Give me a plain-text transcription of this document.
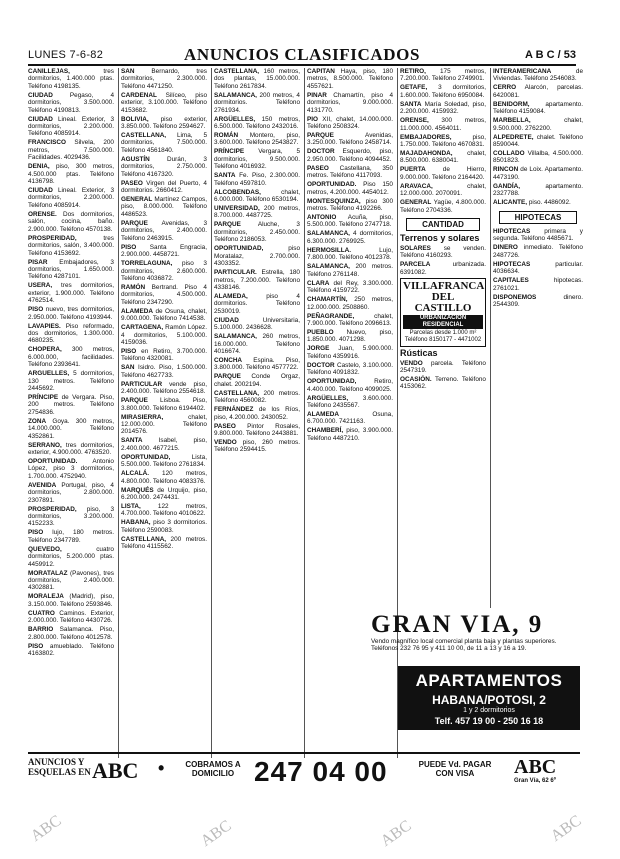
LUNES 7-6-82	ANUNCIOS CLASIFICADOS	A B C / 53

CANILLEJAS, tres dormitorios, 1.400.000 ptas. Teléfono 4198135.

CIUDAD Pegaso, 4 dormitorios, 3.500.000. Teléfono 4190813.

CIUDAD Lineal. Exterior, 3 dormitorios, 2.200.000. Teléfono 4085914.

FRANCISCO Silvela, 200 metros, 7.500.000. Facilidades. 4029436.

DENIA, piso, 300 metros, 4.500.000 ptas. Teléfono 4136798.

CIUDAD Lineal. Exterior, 3 dormitorios, 2.200.000. Teléfono 4085914.

ORENSE. Dos dormitorios, salón, cocina, baño. 2.900.000. Teléfono 4570138.

PROSPERIDAD, tres dormitorios, salón, 3.400.000. Teléfono 4153692.

PISAR Embajadores, 3 dormitorios, 1.650.000. Teléfono 4287101.

USERA, tres dormitorios, exterior, 1.900.000. Teléfono 4762514.

PISO nuevo, tres dormitorios, 2.950.000. Teléfono 4193944.

LAVAPIES. Piso reformado, dos dormitorios, 1.300.000. 4680235.

CHOPERA, 300 metros, 6.000.000, facilidades. Teléfono 2393641.

ARGUELLES, 5 dormitorios, 130 metros. Teléfono 2445692.

PRÍNCIPE de Vergara. Piso, 200 metros. Teléfono 2754836.

ZONA Goya. 300 metros, 14.000.000. Teléfono 4352861.

SERRANO, tres dormitorios, exterior, 4.900.000. 4763520.

OPORTUNIDAD. Antonio López, piso 3 dormitorios, 1.700.000. 4752940.

AVENIDA Portugal, piso, 4 dormitorios, 2.800.000. 2307891.

PROSPERIDAD, piso, 3 dormitorios, 3.200.000. 4152233.

PISO lujo, 180 metros. Teléfono 2347789.

QUEVEDO, cuatro dormitorios, 5.200.000 ptas. 4459912.

MORATALAZ (Pavones), tres dormitorios, 2.400.000. 4302881.

MORALEJA (Madrid), piso, 3.150.000. Teléfono 2593846.

CUATRO Caminos. Exterior, 2.000.000. Teléfono 4430726.

BARRIO Salamanca. Piso, 2.800.000. Teléfono 4012578.

PISO amueblado. Teléfono 4163802.

SAN Bernardo, tres dormitorios, 2.300.000. Teléfono 4471250.

CARDENAL Silíceo, piso exterior, 3.100.000. Teléfono 4153682.

BOLIVIA, piso exterior, 3.850.000. Teléfono 2594627.

CASTELLANA, Lima, 5 dormitorios, 7.500.000. Teléfono 4561840.

AGUSTÍN Durán, 3 dormitorios, 2.750.000. Teléfono 4167320.

PASEO Virgen del Puerto, 4 dormitorios. 2660412.

GENERAL Martínez Campos, piso, 8.000.000. Teléfono 4486523.

PARQUE Avenidas, 3 dormitorios, 2.400.000. Teléfono 2463915.

PISO Santa Engracia, 2.900.000. 4458721.

TORRELAGUNA, piso 3 dormitorios, 2.600.000. Teléfono 4036872.

RAMÓN Bertrand. Piso 4 dormitorios, 4.500.000. Teléfono 2347290.

ALAMEDA de Osuna, chalet, 9.000.000. Teléfono 7414538.

CARTAGENA, Ramón López. 4 dormitorios, 5.100.000. 4159036.

PISO en Retiro, 3.700.000. Teléfono 4320081.

SAN Isidro. Piso, 1.500.000. Teléfono 4627733.

PARTICULAR vende piso, 2.400.000. Teléfono 2554618.

PARQUE Lisboa. Piso, 3.800.000. Teléfono 6194402.

MIRASIERRA, chalet, 12.000.000. Teléfono 2014576.

SANTA Isabel, piso, 2.400.000. 4677215.

OPORTUNIDAD, Lista, 5.500.000. Teléfono 2761834.

ALCALÁ. 120 metros, 4.800.000. Teléfono 4083376.

MARQUÉS de Urquijo, piso, 6.200.000. 2474431.

LISTA, 122 metros, 4.700.000. Teléfono 4010622.

HABANA, piso 3 dormitorios. Teléfono 2590083.

CASTELLANA, 200 metros. Teléfono 4115562.

CASTELLANA, 160 metros, dos plantas, 15.000.000. Teléfono 2617834.

SALAMANCA, 200 metros, 4 dormitorios. Teléfono 2761934.

ARGÜELLES, 150 metros, 6.500.000. Teléfono 2432016.

ROMÁN Montero, piso, 3.600.000. Teléfono 2543827.

PRÍNCIPE Vergara, 5 dormitorios, 9.500.000. Teléfono 4016932.

SANTA Fe. Piso, 2.300.000. Teléfono 4597810.

ALCOBENDAS, chalet, 6.000.000. Teléfono 6530194.

UNIVERSIDAD, 200 metros, 8.700.000. 4487725.

PARQUE Aluche, 3 dormitorios, 2.450.000. Teléfono 2186053.

OPORTUNIDAD, piso Moratalaz, 2.700.000. 4303352.

PARTICULAR. Estrella, 180 metros, 7.200.000. Teléfono 4338146.

ALAMEDA, piso 4 dormitorios. Teléfono 2530019.

CIUDAD Universitaria, 5.100.000. 2436628.

SALAMANCA, 260 metros, 16.000.000. Teléfono 4016674.

CONCHA Espina. Piso, 3.800.000. Teléfono 4577722.

PARQUE Conde Orgaz, chalet. 2002194.

CASTELLANA, 200 metros. Teléfono 4560082.

FERNÁNDEZ de los Ríos, piso, 4.200.000. 2430052.

PASEO Pintor Rosales, 9.800.000. Teléfono 2443881.

VENDO piso, 260 metros. Teléfono 2594415.

CAPITAN Haya, piso, 180 metros, 8.500.000. Teléfono 4557621.

PINAR Chamartín, piso 4 dormitorios, 9.000.000. 4131770.

PIO XII, chalet, 14.000.000. Teléfono 2508324.

PARQUE Avenidas, 3.250.000. Teléfono 2458714.

DOCTOR Esquerdo, piso, 2.950.000. Teléfono 4094452.

PASEO Castellana, 350 metros. Teléfono 4117093.

OPORTUNIDAD. Piso 150 metros, 4.200.000. 4454012.

MONTESQUINZA, piso 300 metros. Teléfono 4192266.

ANTONIO Acuña, piso, 5.500.000. Teléfono 2747718.

SALAMANCA, 4 dormitorios, 6.300.000. 2769925.

HERMOSILLA. Lujo, 7.800.000. Teléfono 4012378.

SALAMANCA, 200 metros. Teléfono 2761148.

CLARA del Rey, 3.300.000. Teléfono 4159722.

CHAMARTÍN, 250 metros, 12.000.000. 2508860.

PEÑAGRANDE, chalet, 7.900.000. Teléfono 2096613.

PUEBLO Nuevo, piso, 1.850.000. 4071298.

JORGE Juan, 5.900.000. Teléfono 4359916.

DOCTOR Castelo, 3.100.000. Teléfono 4091832.

OPORTUNIDAD, Retiro, 4.400.000. Teléfono 4099025.

ARGÜELLES, 3.600.000. Teléfono 2435567.

ALAMEDA Osuna, 6.700.000. 7421163.

CHAMBERÍ, piso, 3.900.000. Teléfono 4487210.

RETIRO, 175 metros, 7.200.000. Teléfono 2749901.

GETAFE, 3 dormitorios, 1.600.000. Teléfono 6950084.

SANTA María Soledad, piso, 2.200.000. 4159932.

ORENSE, 300 metros, 11.000.000. 4564011.

EMBAJADORES, piso, 1.750.000. Teléfono 4670831.

MAJADAHONDA, chalet, 8.500.000. 6380041.

PUERTA de Hierro, 9.000.000. Teléfono 2164420.

ARAVACA, chalet, 12.000.000. 2070091.

GENERAL Yagüe, 4.800.000. Teléfono 2704336.

CANTIDAD
Terrenos y solares

SOLARES se venden. Teléfono 4160293.

PARCELA urbanizada. 6391082.

VILLAFRANCA DEL CASTILLO
URBANIZACIÓN RESIDENCIAL
Parcelas desde 1.000 m²
Teléfono 8150177 - 4471002
Rústicas

VENDO parcela. Teléfono 2547319.

OCASIÓN. Terreno. Teléfono 4153062.

INTERAMERICANA de Viviendas. Teléfono 2546083.

CERRO Alarcón, parcelas. 6420081.

BENIDORM, apartamento. Teléfono 4159084.

MARBELLA, chalet, 9.500.000. 2762200.

ALPEDRETE, chalet. Teléfono 8590044.

COLLADO Villalba, 4.500.000. 8501823.

RINCON de Loix. Apartamento. 4473190.

GANDÍA, apartamento. 2327788.

ALICANTE, piso. 4486092.

HIPOTECAS

HIPOTECAS primera y segunda. Teléfono 4485671.

DINERO inmediato. Teléfono 2487726.

HIPOTECAS particular. 4036634.

CAPITALES hipotecas. 2761021.

DISPONEMOS dinero. 2544309.

GRAN VIA, 9
Vendo magnífico local comercial planta baja y plantas superiores.
Teléfonos 232 76 95 y 411 10 00, de 11 a 13 y 16 a 19.
APARTAMENTOS
HABANA/POTOSI, 2
1 y 2 dormitorios
Telf. 457 19 00 - 250 16 18
ANUNCIOS Y ESQUELAS EN ABC •	COBRAMOS A DOMICILIO 247 04 00	PUEDE Vd. PAGAR CON VISA	ABC
Gran Vía, 62 6º
ABC	ABC	ABC	ABC
